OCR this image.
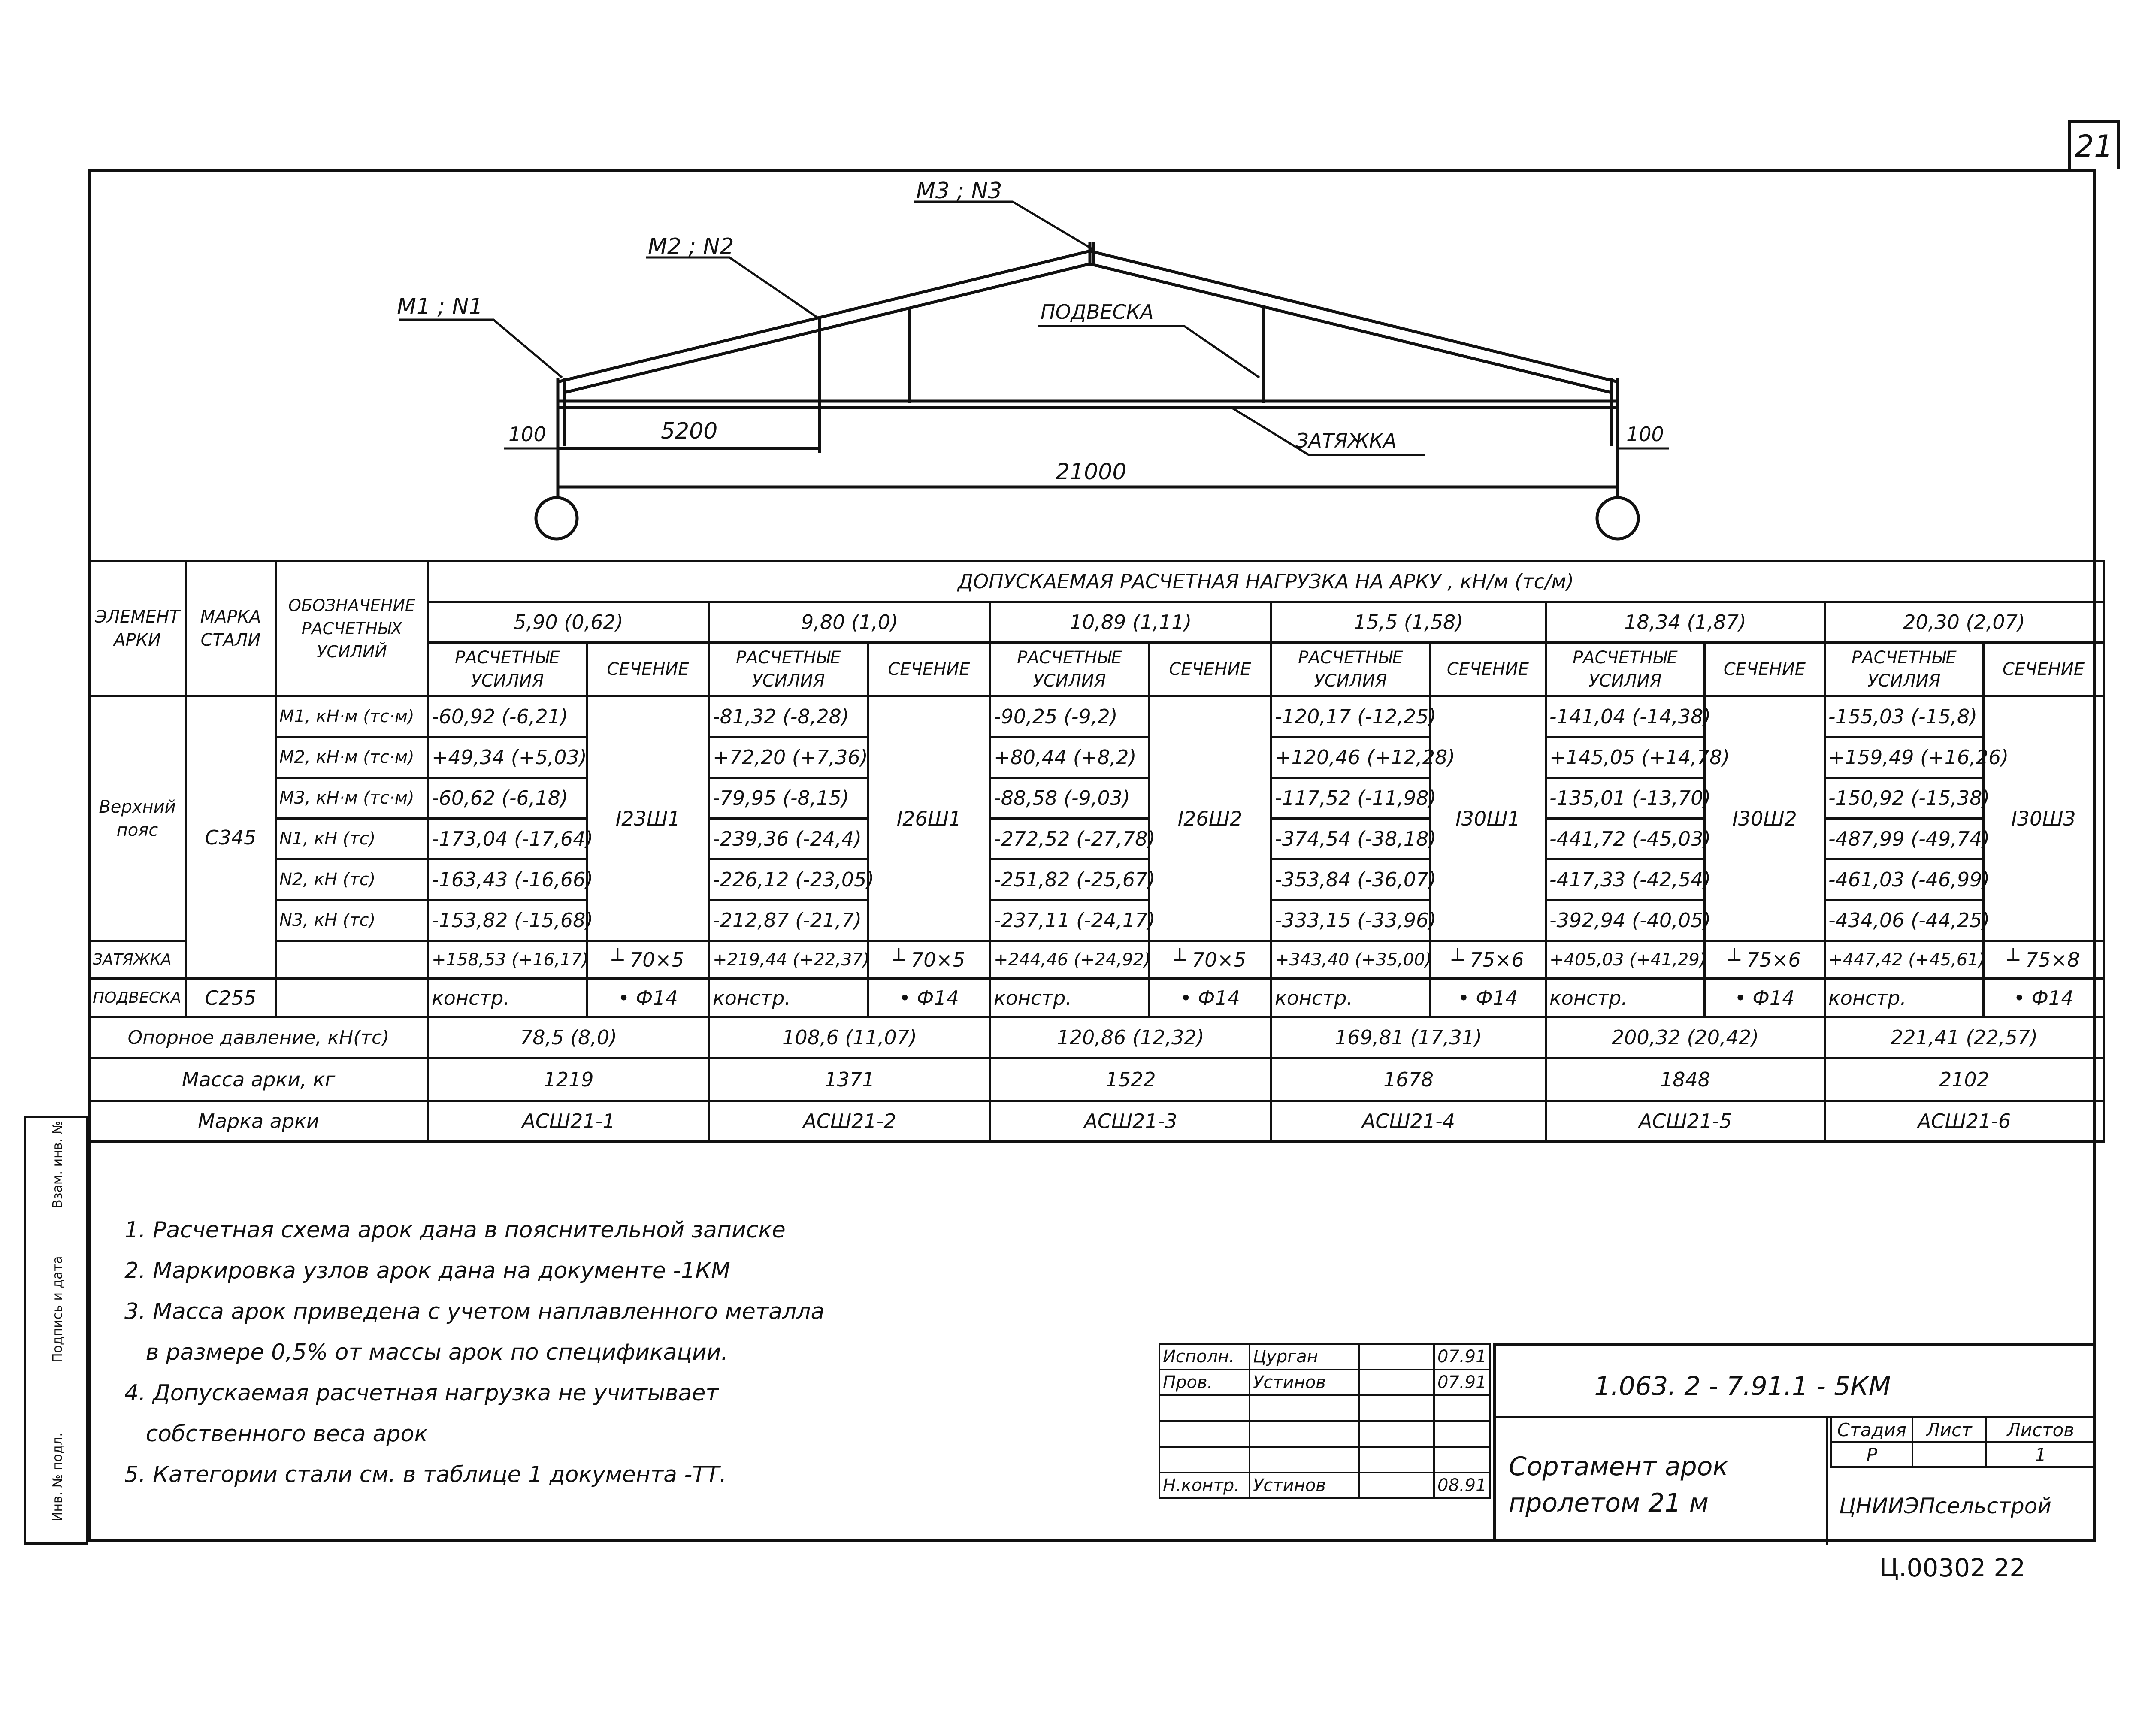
21
Инв. № подл.
Подпись и дата
Взам. инв. №
M1 ; N1
M2 ; N2
M3 ; N3
ПОДВЕСКА
ЗАТЯЖКА
100	5200
21000
100
ЭЛЕМЕНТ АРКИ	МАРКА СТАЛИ	ОБОЗНАЧЕНИЕ РАСЧЕТНЫХ УСИЛИЙ	ДОПУСКАЕМАЯ РАСЧЕТНАЯ НАГРУЗКА НА АРКУ , кН/м (тс/м)											
			5,90 (0,62)		9,80 (1,0)		10,89 (1,11)		15,5 (1,58)		18,34 (1,87)		20,30 (2,07)	
			РАСЧЕТНЫЕ УСИЛИЯ	СЕЧЕНИЕ	РАСЧЕТНЫЕ УСИЛИЯ	СЕЧЕНИЕ	РАСЧЕТНЫЕ УСИЛИЯ	СЕЧЕНИЕ	РАСЧЕТНЫЕ УСИЛИЯ	СЕЧЕНИЕ	РАСЧЕТНЫЕ УСИЛИЯ	СЕЧЕНИЕ	РАСЧЕТНЫЕ УСИЛИЯ	СЕЧЕНИЕ
Верхний пояс	С345	M1, кН·м (тс·м)	-60,92 (-6,21)	I23Ш1	-81,32 (-8,28)	I26Ш1	-90,25 (-9,2)	I26Ш2	-120,17 (-12,25)	I30Ш1	-141,04 (-14,38)	I30Ш2	-155,03 (-15,8)	I30Ш3
		M2, кН·м (тс·м)	+49,34 (+5,03)		+72,20 (+7,36)		+80,44 (+8,2)		+120,46 (+12,28)		+145,05 (+14,78)		+159,49 (+16,26)	
		M3, кН·м (тс·м)	-60,62 (-6,18)		-79,95 (-8,15)		-88,58 (-9,03)		-117,52 (-11,98)		-135,01 (-13,70)		-150,92 (-15,38)	
		N1, кН (тс)	-173,04 (-17,64)		-239,36 (-24,4)		-272,52 (-27,78)		-374,54 (-38,18)		-441,72 (-45,03)		-487,99 (-49,74)	
		N2, кН (тс)	-163,43 (-16,66)		-226,12 (-23,05)		-251,82 (-25,67)		-353,84 (-36,07)		-417,33 (-42,54)		-461,03 (-46,99)	
		N3, кН (тс)	-153,82 (-15,68)		-212,87 (-21,7)		-237,11 (-24,17)		-333,15 (-33,96)		-392,94 (-40,05)		-434,06 (-44,25)	
ЗАТЯЖКА			+158,53 (+16,17)	┴ 70×5	+219,44 (+22,37)	┴ 70×5	+244,46 (+24,92)	┴ 70×5	+343,40 (+35,00)	┴ 75×6	+405,03 (+41,29)	┴ 75×6	+447,42 (+45,61)	┴ 75×8
ПОДВЕСКА	С255		констр.	• Ф14	констр.	• Ф14	констр.	• Ф14	констр.	• Ф14	констр.	• Ф14	констр.	• Ф14
Опорное давление, кН(тс)			78,5 (8,0)		108,6 (11,07)		120,86 (12,32)		169,81 (17,31)		200,32 (20,42)		221,41 (22,57)	
Масса арки, кг			1219		1371		1522		1678		1848		2102	
Марка арки			АСШ21-1		АСШ21-2		АСШ21-3		АСШ21-4		АСШ21-5		АСШ21-6	
1. Расчетная схема арок дана в пояснительной записке
2. Маркировка узлов арок дана на документе -1КМ
3. Масса арок приведена с учетом наплавленного металла
в размере 0,5% от массы арок по спецификации.
4. Допускаемая расчетная нагрузка не учитывает
собственного веса арок
5. Категории стали см. в таблице 1 документа -ТТ.
Исполн.	Цурган		07.91
Пров.	Устинов		07.91

Н.контр.	Устинов		08.91
1.063. 2 - 7.91.1 - 5КМ
Сортамент арок
пролетом 21 м
Стадия	Лист	Листов
Р		1
ЦНИИЭПсельстрой
Ц.00302 22
